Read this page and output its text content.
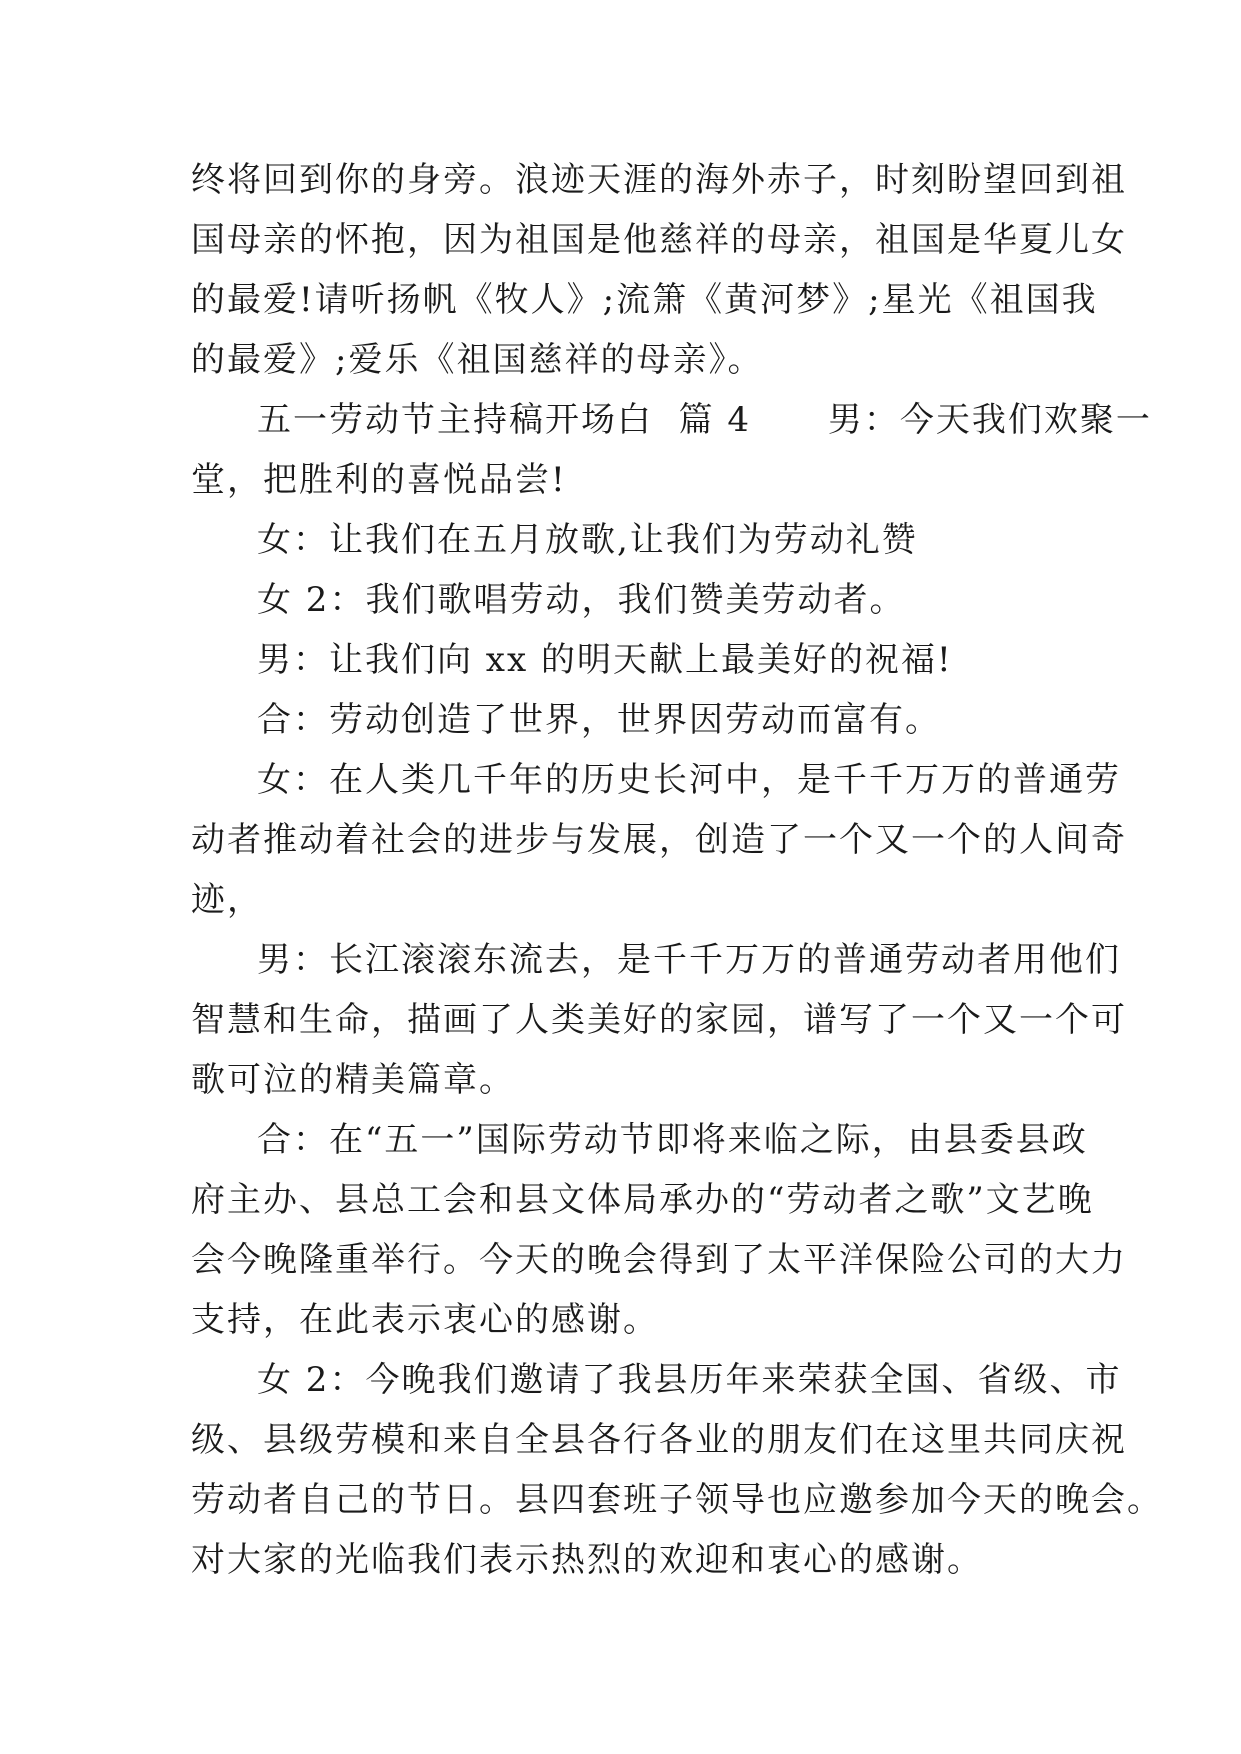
终将回到你的身旁。浪迹天涯的海外赤子，时刻盼望回到祖
国母亲的怀抱，因为祖国是他慈祥的母亲，祖国是华夏儿女
的最爱!请听扬帆《牧人》;流箫《黄河梦》;星光《祖国我
的最爱》;爱乐《祖国慈祥的母亲》。
五一劳动节主持稿开场白  篇 4      男：今天我们欢聚一
堂，把胜利的喜悦品尝!
女：让我们在五月放歌,让我们为劳动礼赞
女 2：我们歌唱劳动，我们赞美劳动者。
男：让我们向 xx 的明天献上最美好的祝福!
合：劳动创造了世界，世界因劳动而富有。
女：在人类几千年的历史长河中，是千千万万的普通劳
动者推动着社会的进步与发展，创造了一个又一个的人间奇
迹，
男：长江滚滚东流去，是千千万万的普通劳动者用他们
智慧和生命，描画了人类美好的家园，谱写了一个又一个可
歌可泣的精美篇章。
合：在“五一”国际劳动节即将来临之际，由县委县政
府主办、县总工会和县文体局承办的“劳动者之歌”文艺晚
会今晚隆重举行。今天的晚会得到了太平洋保险公司的大力
支持，在此表示衷心的感谢。
女 2：今晚我们邀请了我县历年来荣获全国、省级、市
级、县级劳模和来自全县各行各业的朋友们在这里共同庆祝
劳动者自己的节日。县四套班子领导也应邀参加今天的晚会。
对大家的光临我们表示热烈的欢迎和衷心的感谢。
